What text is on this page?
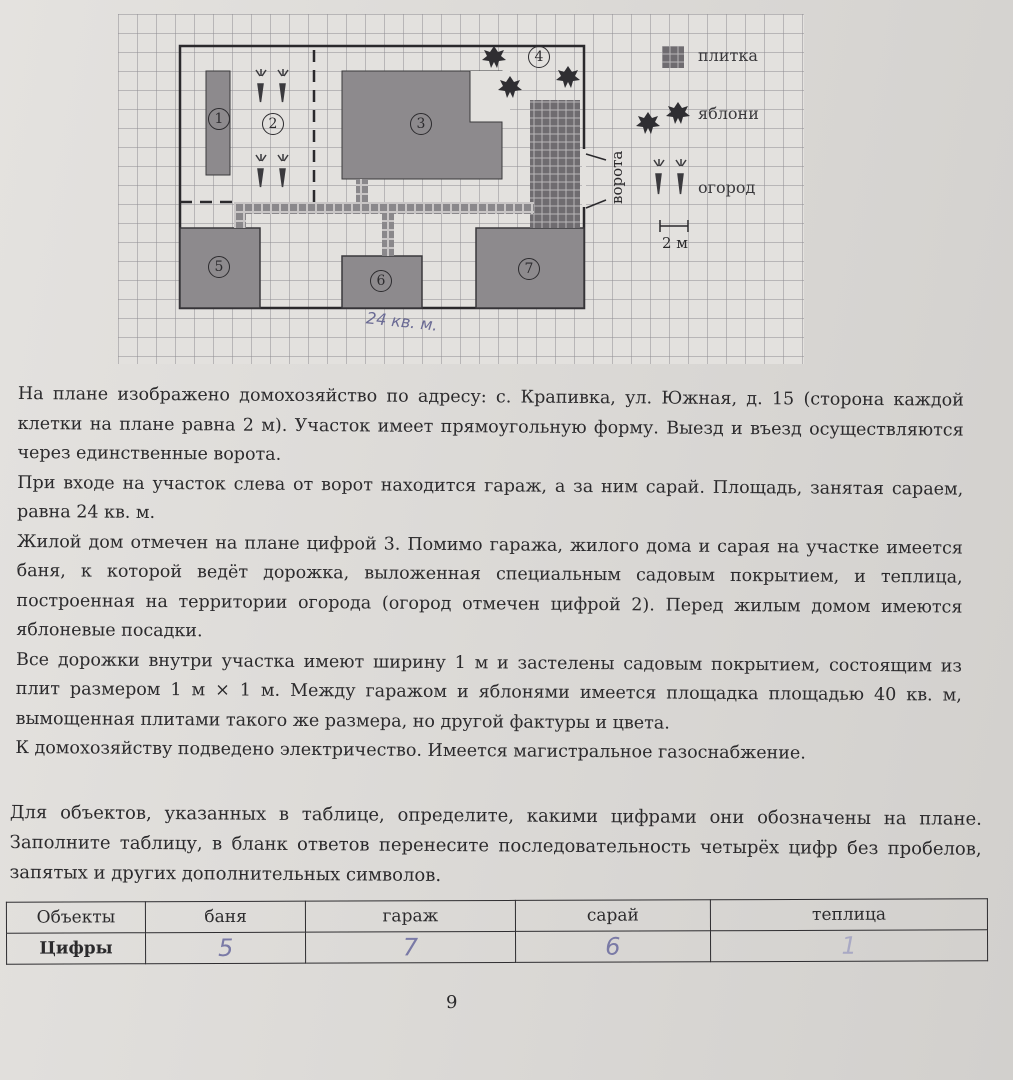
1	2	3
4
5
6
7
плитка
яблони
огород
ворота
2 м
24 кв. м.

На плане изображено домохозяйство по адресу: с. Крапивка, ул. Южная, д. 15 (сторона каждой клетки на плане равна 2 м). Участок имеет прямоугольную форму. Выезд и въезд осуществляются через единственные ворота.

При входе на участок слева от ворот находится гараж, а за ним сарай. Площадь, занятая сараем, равна 24 кв. м.

Жилой дом отмечен на плане цифрой 3. Помимо гаража, жилого дома и сарая на участке имеется баня, к которой ведёт дорожка, выложенная специальным садовым покрытием, и теплица, построенная на территории огорода (огород отмечен цифрой 2). Перед жилым домом имеются яблоневые посадки.

Все дорожки внутри участка имеют ширину 1 м и застелены садовым покрытием, состоящим из плит размером 1 м × 1 м. Между гаражом и яблонями имеется площадка площадью 40 кв. м, вымощенная плитами такого же размера, но другой фактуры и цвета.

К домохозяйству подведено электричество. Имеется магистральное газоснабжение.

Для объектов, указанных в таблице, определите, какими цифрами они обозначены на плане. Заполните таблицу, в бланк ответов перенесите последовательность четырёх цифр без пробелов, запятых и других дополнительных символов.

Объекты	баня	гараж	сарай	теплица
Цифры	5	7	6	1
9
